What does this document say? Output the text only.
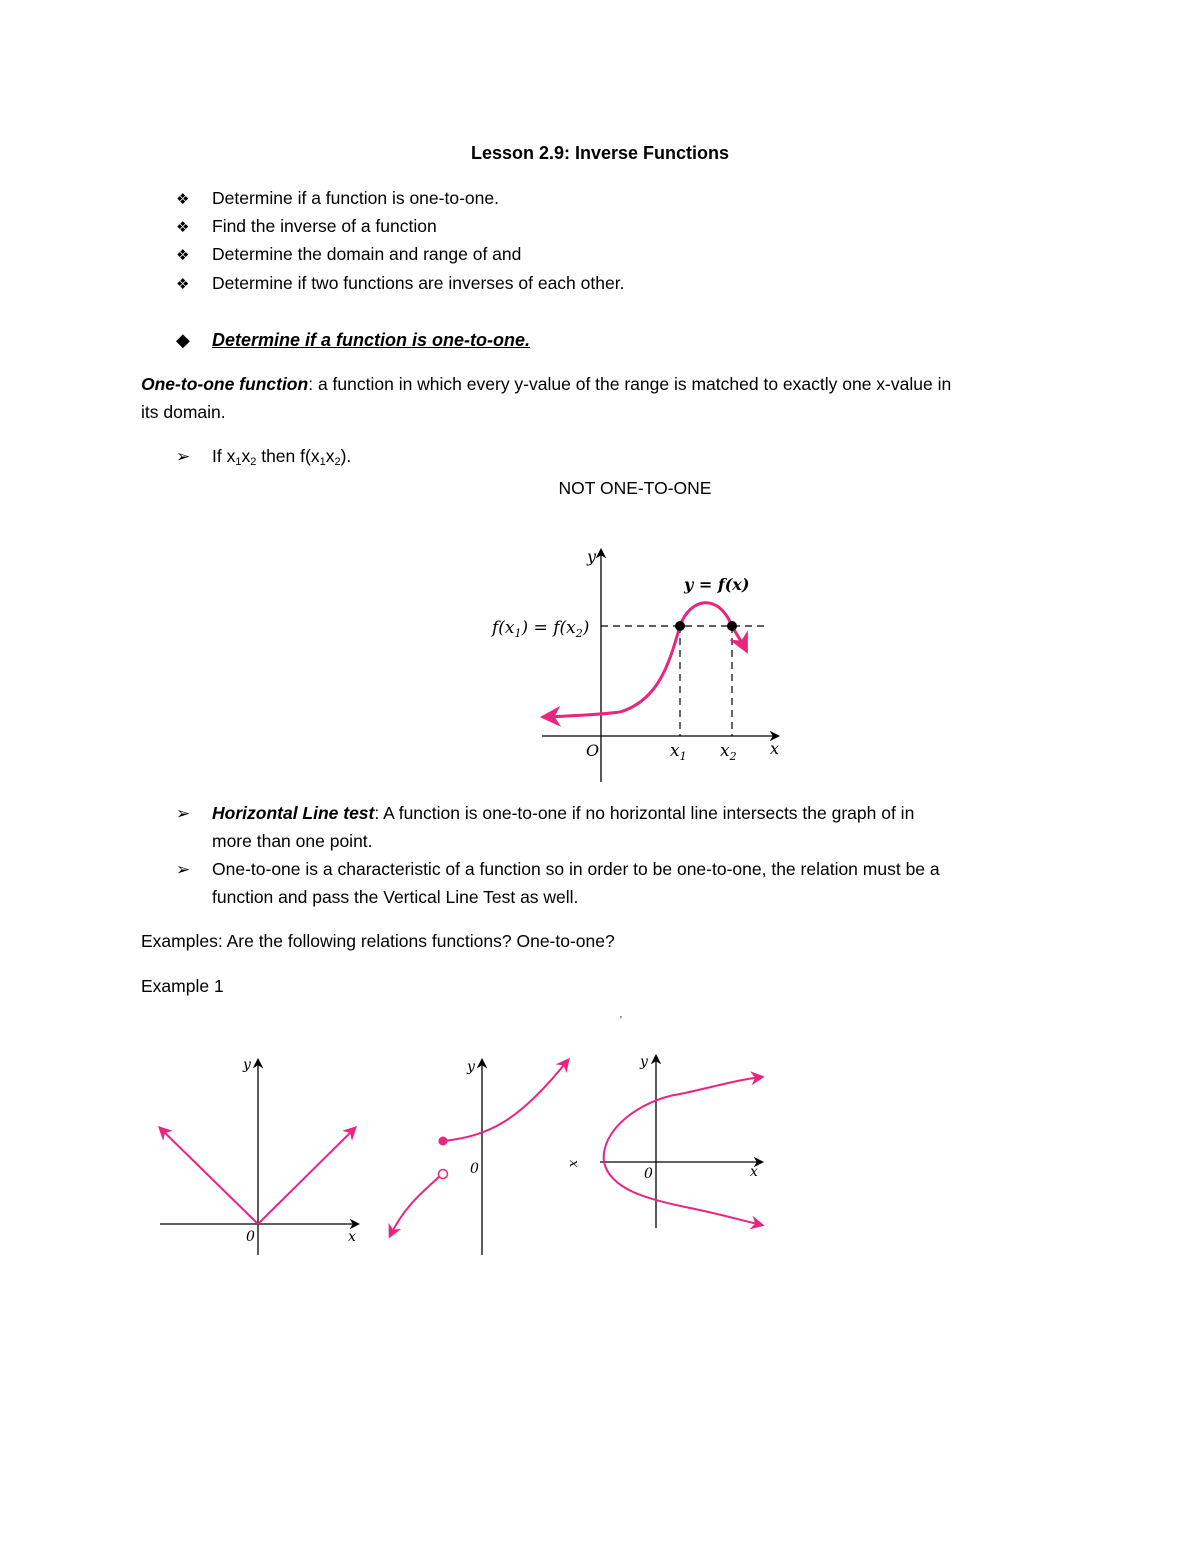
Lesson 2.9: Inverse Functions
❖ Determine if a function is one-to-one.
❖ Find the inverse of a function
❖ Determine the domain and range of and
❖ Determine if two functions are inverses of each other.
◆ Determine if a function is one-to-one.
One-to-one function: a function in which every y-value of the range is matched to exactly one x-value in
its domain.
➢ If $x_1x_2$ then $f(x_1x_2)$.
NOT ONE-TO-ONE
y
x
O
y = f(x)
$f(x_1) = f(x_2)$
$x_1$ $x_2$
➢ Horizontal Line test: A function is one-to-one if no horizontal line intersects the graph of in
more than one point.
➢ One-to-one is a characteristic of a function so in order to be one-to-one, the relation must be a
function and pass the Vertical Line Test as well.
Examples: Are the following relations functions? One-to-one?
Example 1
'
y
x
0
y
0
y
x
0
x
